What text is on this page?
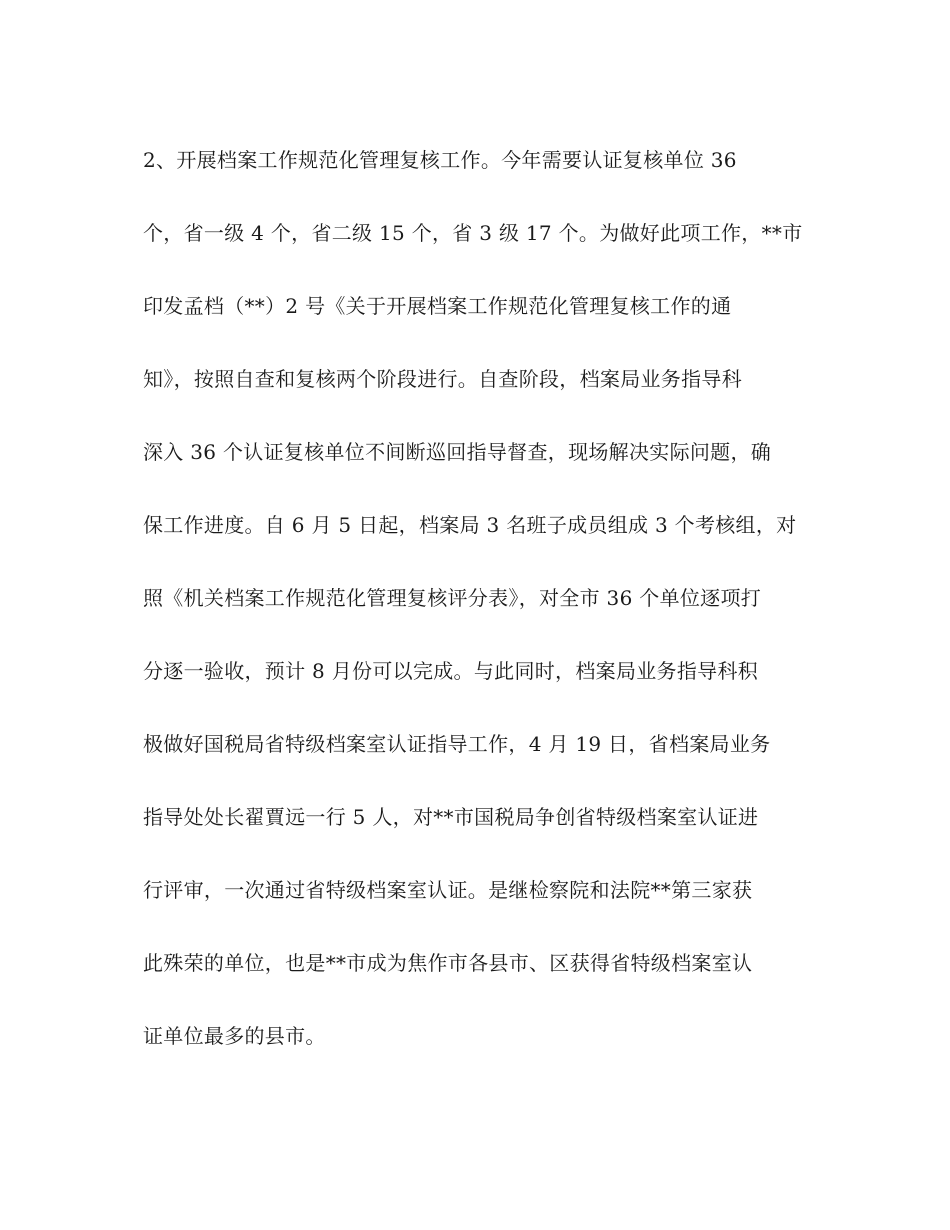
2、开展档案工作规范化管理复核工作。今年需要认证复核单位 36
个，省一级 4 个，省二级 15 个，省 3 级 17 个。为做好此项工作，**市
印发孟档（**）2 号《关于开展档案工作规范化管理复核工作的通
知》，按照自查和复核两个阶段进行。自查阶段，档案局业务指导科
深入 36 个认证复核单位不间断巡回指导督查，现场解决实际问题，确
保工作进度。自 6 月 5 日起，档案局 3 名班子成员组成 3 个考核组，对
照《机关档案工作规范化管理复核评分表》，对全市 36 个单位逐项打
分逐一验收，预计 8 月份可以完成。与此同时，档案局业务指导科积
极做好国税局省特级档案室认证指导工作，4 月 19 日，省档案局业务
指导处处长翟賈远一行 5 人，对**市国税局争创省特级档案室认证进
行评审，一次通过省特级档案室认证。是继检察院和法院**第三家获
此殊荣的单位，也是**市成为焦作市各县市、区获得省特级档案室认
证单位最多的县市。
